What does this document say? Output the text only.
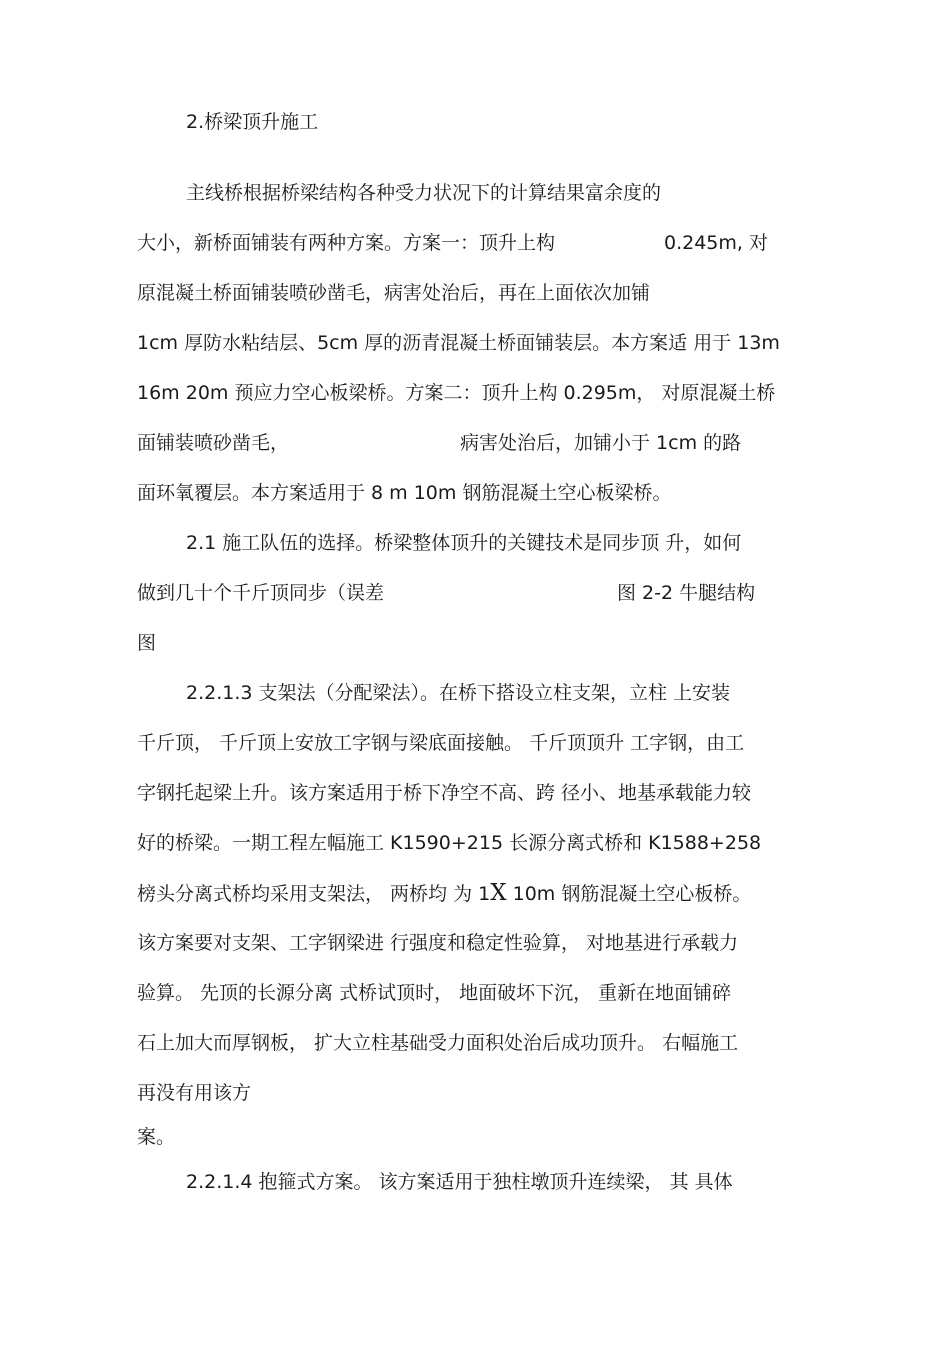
2.桥梁顶升施工
主线桥根据桥梁结构各种受力状况下的计算结果富余度的
大小，新桥面铺装有两种方案。方案一：顶升上构	0.245m, 对
原混凝土桥面铺装喷砂凿毛，病害处治后，再在上面依次加铺
1cm 厚防水粘结层、5cm 厚的沥青混凝土桥面铺装层。本方案适 用于 13m
16m 20m 预应力空心板梁桥。方案二：顶升上构 0.295m， 对原混凝土桥
面铺装喷砂凿毛，	病害处治后，加铺小于 1cm 的路
面环氧覆层。本方案适用于 8 m 10m 钢筋混凝土空心板梁桥。
2.1 施工队伍的选择。桥梁整体顶升的关键技术是同步顶 升，如何
做到几十个千斤顶同步（误差	图 2-2 牛腿结构
图
2.2.1.3 支架法（分配梁法）。在桥下搭设立柱支架，立柱 上安装
千斤顶， 千斤顶上安放工字钢与梁底面接触。 千斤顶顶升 工字钢，由工
字钢托起梁上升。该方案适用于桥下净空不高、跨 径小、地基承载能力较
好的桥梁。一期工程左幅施工 K1590+215 长源分离式桥和 K1588+258
榜头分离式桥均采用支架法， 两桥均 为 1X 10m 钢筋混凝土空心板桥。
该方案要对支架、工字钢梁进 行强度和稳定性验算， 对地基进行承载力
验算。 先顶的长源分离 式桥试顶时， 地面破坏下沉， 重新在地面铺碎
石上加大而厚钢板， 扩大立柱基础受力面积处治后成功顶升。 右幅施工
再没有用该方
案。
2.2.1.4 抱箍式方案。 该方案适用于独柱墩顶升连续梁， 其 具体
